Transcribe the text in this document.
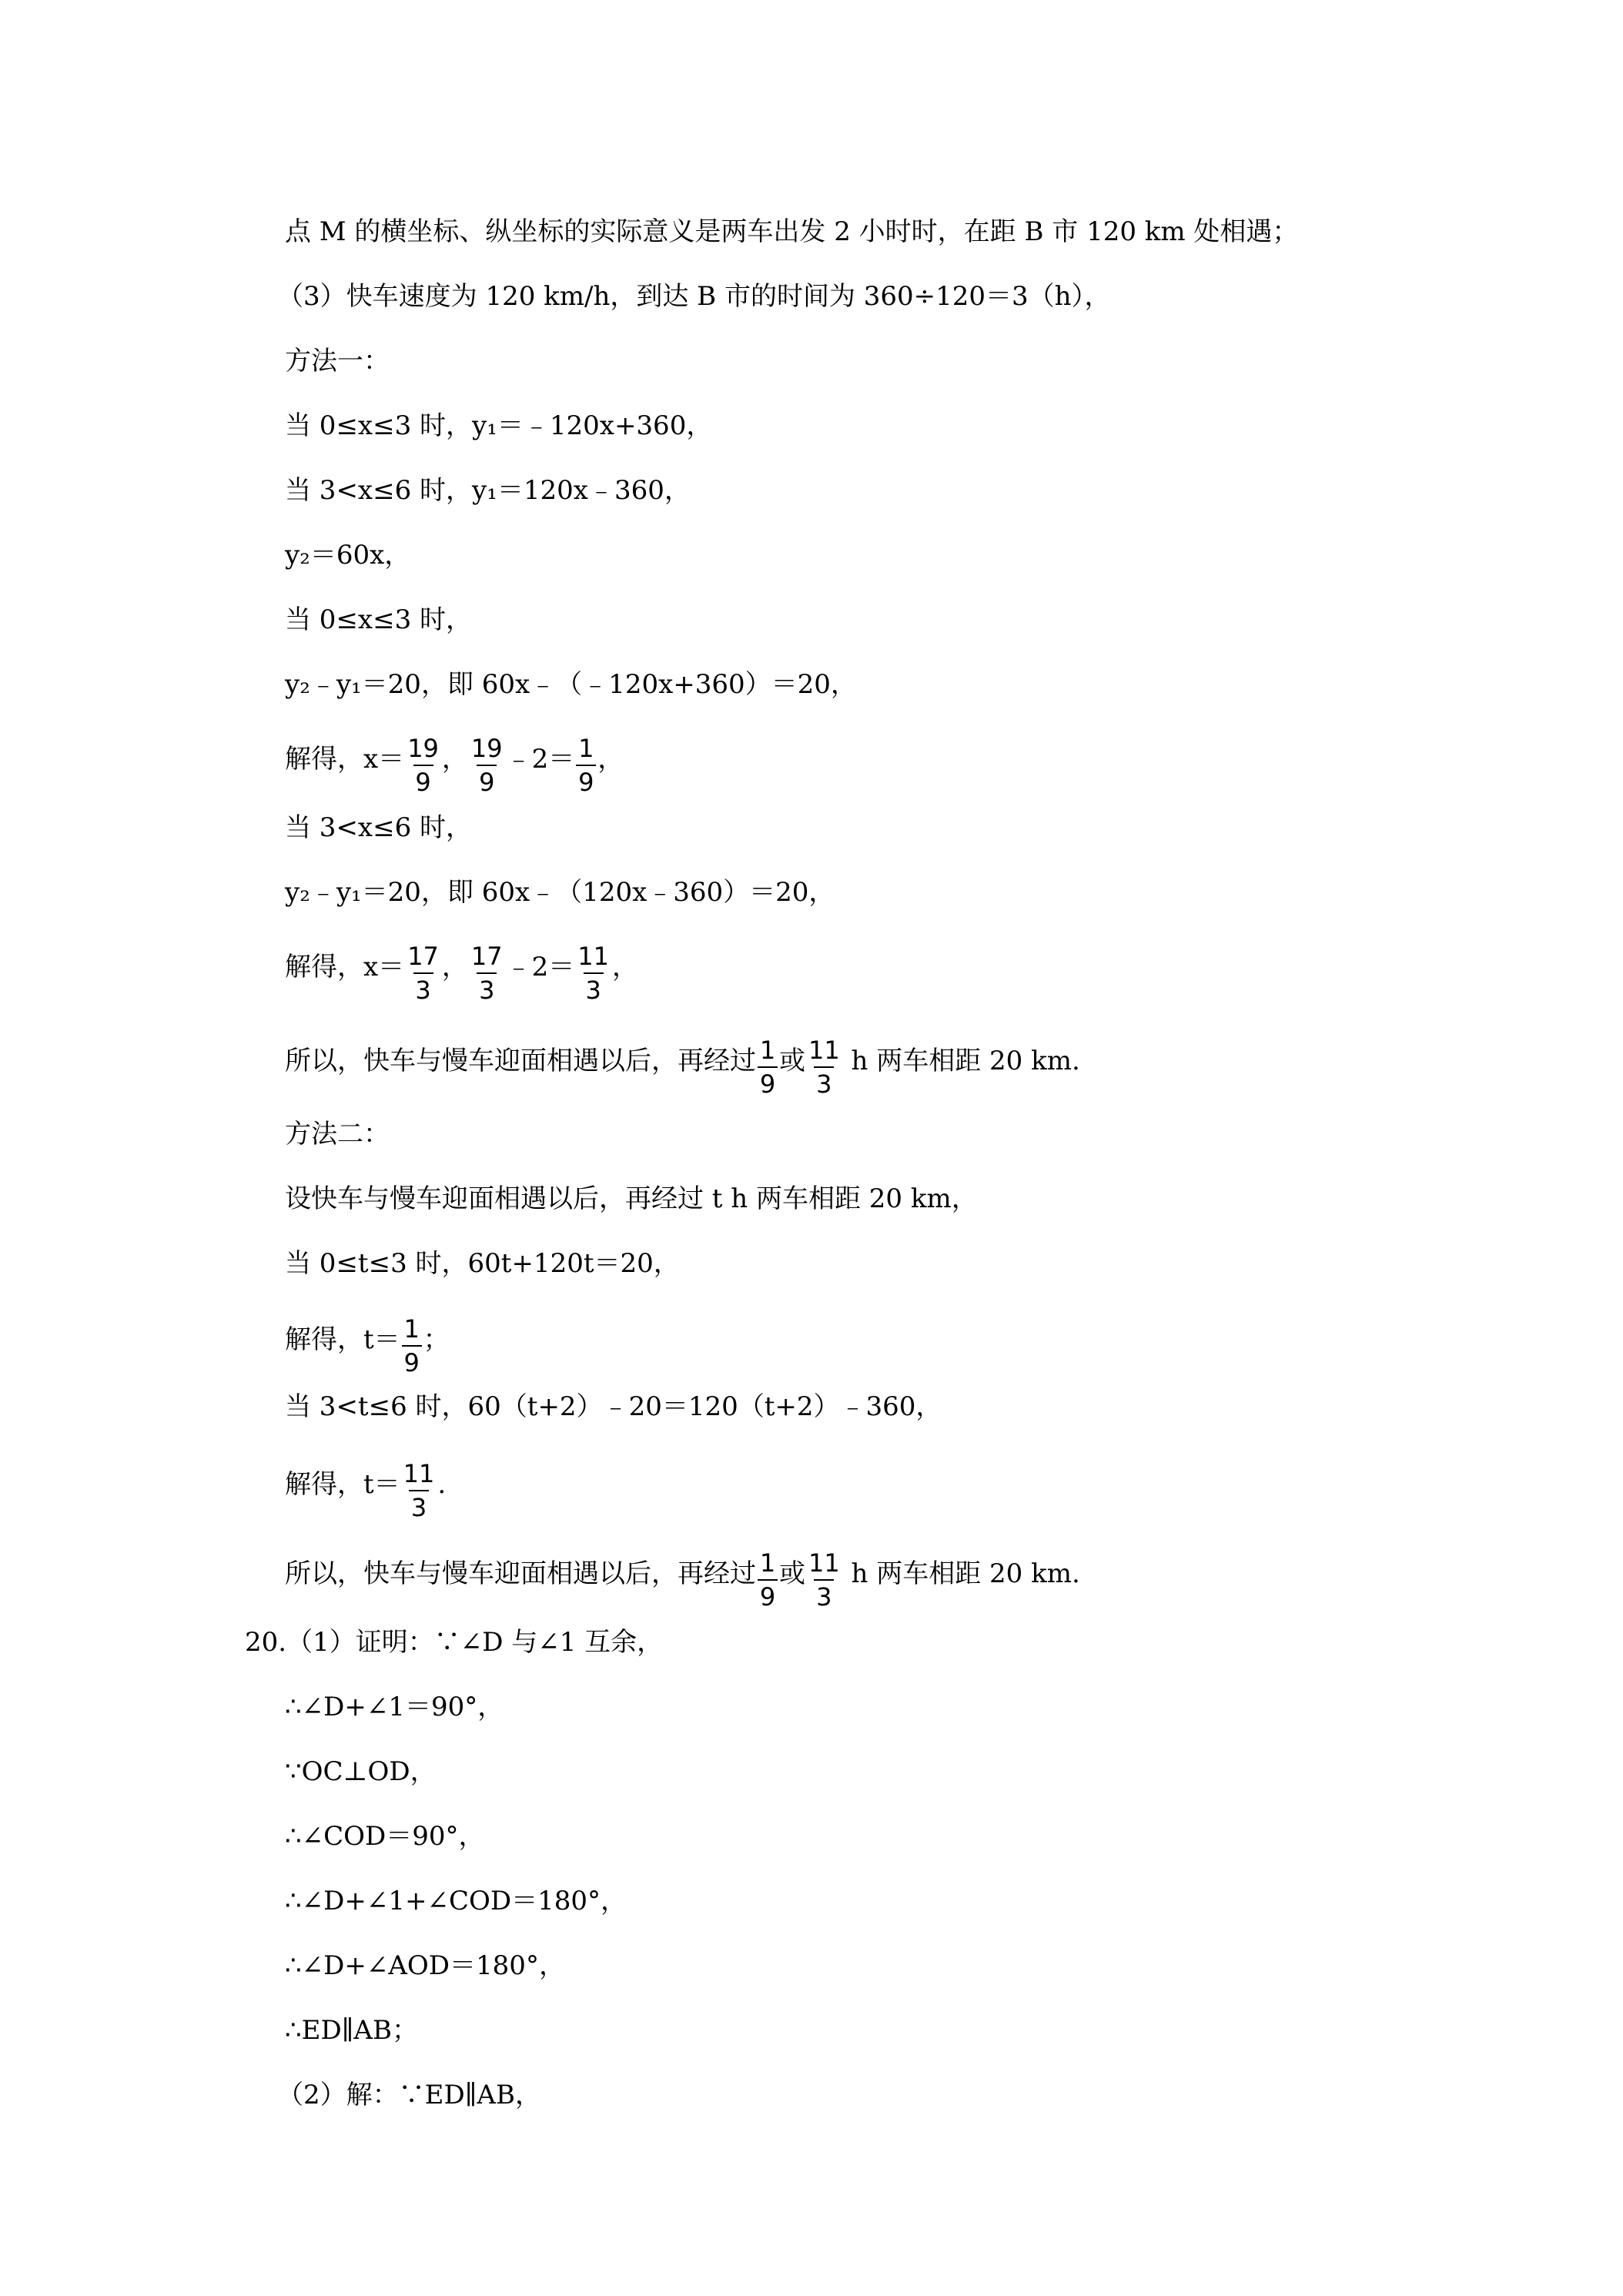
点 M 的横坐标、纵坐标的实际意义是两车出发 2 小时时，在距 B 市 120 km 处相遇；
（3）快车速度为 120 km/h，到达 B 市的时间为 360÷120＝3（h），
方法一：
当 0≤x≤3 时，y₁＝﹣120x+360，
当 3<x≤6 时，y₁＝120x﹣360，
y₂＝60x，
当 0≤x≤3 时，
y₂﹣y₁＝20，即 60x﹣（﹣120x+360）＝20，
解得，$x= \frac{19}{9}$ ， $\frac{19}{9}$ ﹣2＝ $\frac{1}{9}$ ，
当 3<x≤6 时，
y₂﹣y₁＝20，即 60x﹣（120x﹣360）＝20，
解得，$x= \frac{17}{3}$ ， $\frac{17}{3}$ ﹣2＝ $\frac{11}{3}$ ，
所以，快车与慢车迎面相遇以后，再经过 $\frac{1}{9}$ 或 $\frac{11}{3}$ h 两车相距 20 km.
方法二：
设快车与慢车迎面相遇以后，再经过 t h 两车相距 20 km，
当 0≤t≤3 时，60t+120t＝20，
解得，$t= \frac{1}{9}$ ；
当 3<t≤6 时，60（t+2）﹣20＝120（t+2）﹣360，
解得，$t= \frac{11}{3}$ .
所以，快车与慢车迎面相遇以后，再经过 $\frac{1}{9}$ 或 $\frac{11}{3}$ h 两车相距 20 km.
20.（1）证明：∵∠D 与∠1 互余，
∴∠D+∠1＝90°，
∵OC⊥OD，
∴∠COD＝90°，
∴∠D+∠1+∠COD＝180°，
∴∠D+∠AOD＝180°，
∴ED∥AB；
（2）解：∵ED∥AB，
